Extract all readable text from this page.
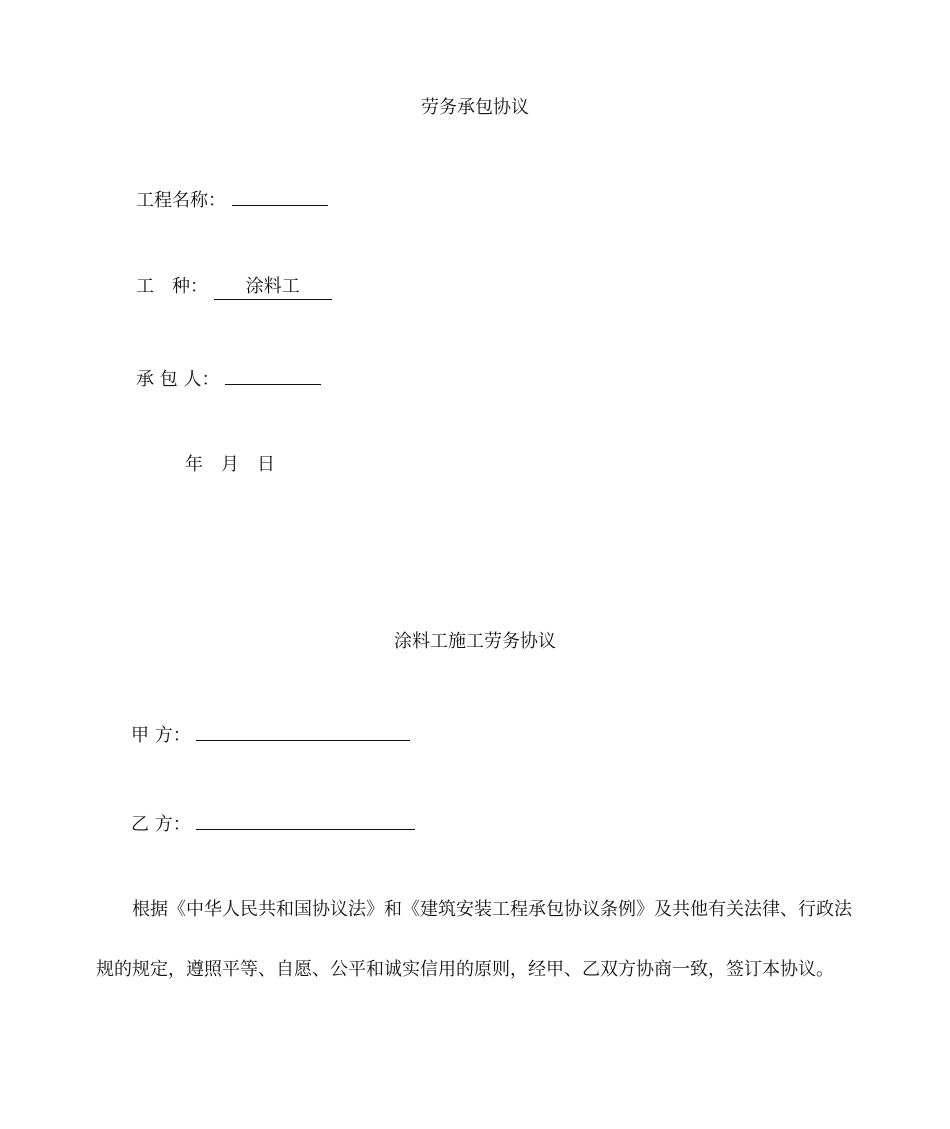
劳务承包协议
工程名称：
工　种： 涂料工
承 包 人：
年　月　日
涂料工施工劳务协议
甲 方：
乙 方：
根据《中华人民共和国协议法》和《建筑安装工程承包协议条例》及共他有关法律、行政法规的规定，遵照平等、自愿、公平和诚实信用的原则，经甲、乙双方协商一致，签订本协议。
